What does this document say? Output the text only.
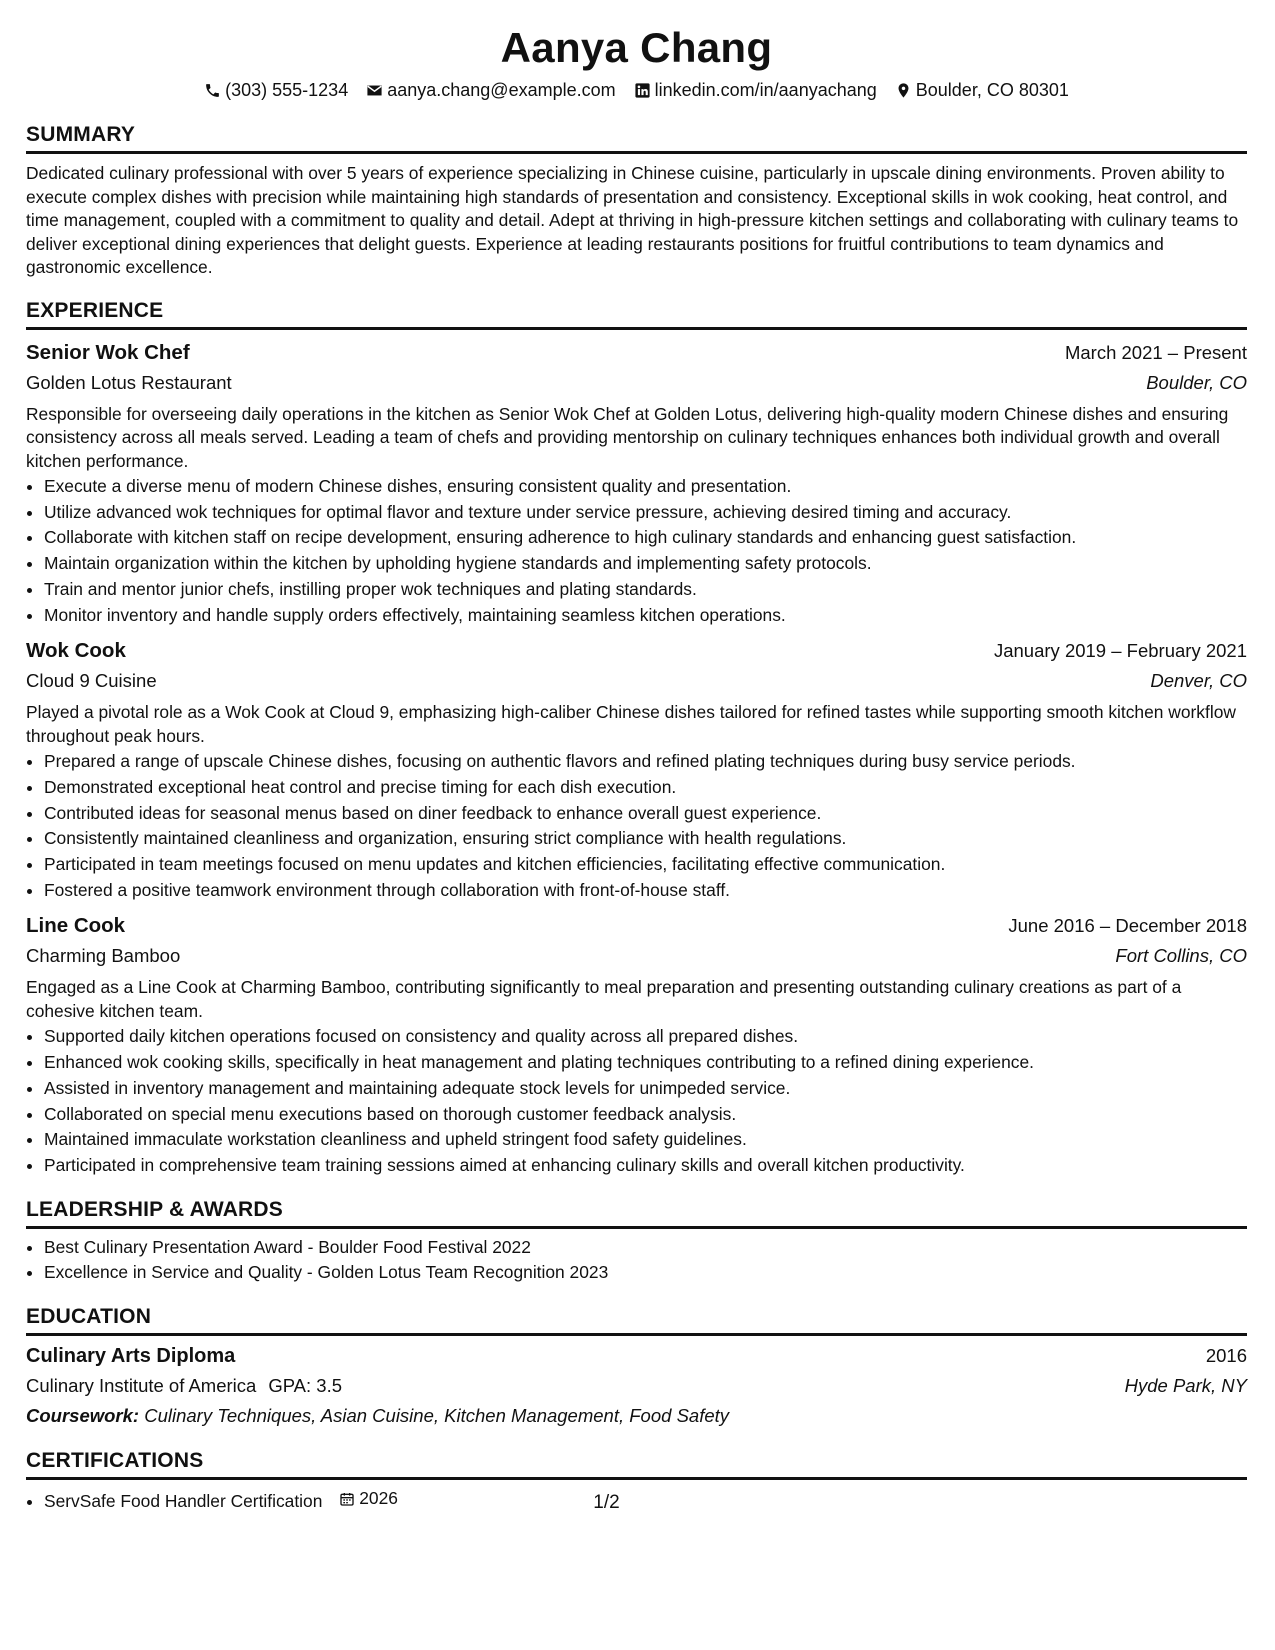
Aanya Chang
(303) 555-1234 aanya.chang@example.com linkedin.com/in/aanyachang Boulder, CO 80301
SUMMARY
Dedicated culinary professional with over 5 years of experience specializing in Chinese cuisine, particularly in upscale dining environments. Proven ability to execute complex dishes with precision while maintaining high standards of presentation and consistency. Exceptional skills in wok cooking, heat control, and time management, coupled with a commitment to quality and detail. Adept at thriving in high-pressure kitchen settings and collaborating with culinary teams to deliver exceptional dining experiences that delight guests. Experience at leading restaurants positions for fruitful contributions to team dynamics and gastronomic excellence.
EXPERIENCE
Senior Wok Chef	March 2021 – Present
Golden Lotus Restaurant	Boulder, CO
Responsible for overseeing daily operations in the kitchen as Senior Wok Chef at Golden Lotus, delivering high-quality modern Chinese dishes and ensuring consistency across all meals served. Leading a team of chefs and providing mentorship on culinary techniques enhances both individual growth and overall kitchen performance.
• Execute a diverse menu of modern Chinese dishes, ensuring consistent quality and presentation.
• Utilize advanced wok techniques for optimal flavor and texture under service pressure, achieving desired timing and accuracy.
• Collaborate with kitchen staff on recipe development, ensuring adherence to high culinary standards and enhancing guest satisfaction.
• Maintain organization within the kitchen by upholding hygiene standards and implementing safety protocols.
• Train and mentor junior chefs, instilling proper wok techniques and plating standards.
• Monitor inventory and handle supply orders effectively, maintaining seamless kitchen operations.
Wok Cook	January 2019 – February 2021
Cloud 9 Cuisine	Denver, CO
Played a pivotal role as a Wok Cook at Cloud 9, emphasizing high-caliber Chinese dishes tailored for refined tastes while supporting smooth kitchen workflow throughout peak hours.
• Prepared a range of upscale Chinese dishes, focusing on authentic flavors and refined plating techniques during busy service periods.
• Demonstrated exceptional heat control and precise timing for each dish execution.
• Contributed ideas for seasonal menus based on diner feedback to enhance overall guest experience.
• Consistently maintained cleanliness and organization, ensuring strict compliance with health regulations.
• Participated in team meetings focused on menu updates and kitchen efficiencies, facilitating effective communication.
• Fostered a positive teamwork environment through collaboration with front-of-house staff.
Line Cook	June 2016 – December 2018
Charming Bamboo	Fort Collins, CO
Engaged as a Line Cook at Charming Bamboo, contributing significantly to meal preparation and presenting outstanding culinary creations as part of a cohesive kitchen team.
• Supported daily kitchen operations focused on consistency and quality across all prepared dishes.
• Enhanced wok cooking skills, specifically in heat management and plating techniques contributing to a refined dining experience.
• Assisted in inventory management and maintaining adequate stock levels for unimpeded service.
• Collaborated on special menu executions based on thorough customer feedback analysis.
• Maintained immaculate workstation cleanliness and upheld stringent food safety guidelines.
• Participated in comprehensive team training sessions aimed at enhancing culinary skills and overall kitchen productivity.
LEADERSHIP & AWARDS
• Best Culinary Presentation Award - Boulder Food Festival 2022
• Excellence in Service and Quality - Golden Lotus Team Recognition 2023
EDUCATION
Culinary Arts Diploma	2016
Culinary Institute of America GPA: 3.5	Hyde Park, NY
Coursework: Culinary Techniques, Asian Cuisine, Kitchen Management, Food Safety
CERTIFICATIONS
• ServSafe Food Handler Certification 2026	1/2
